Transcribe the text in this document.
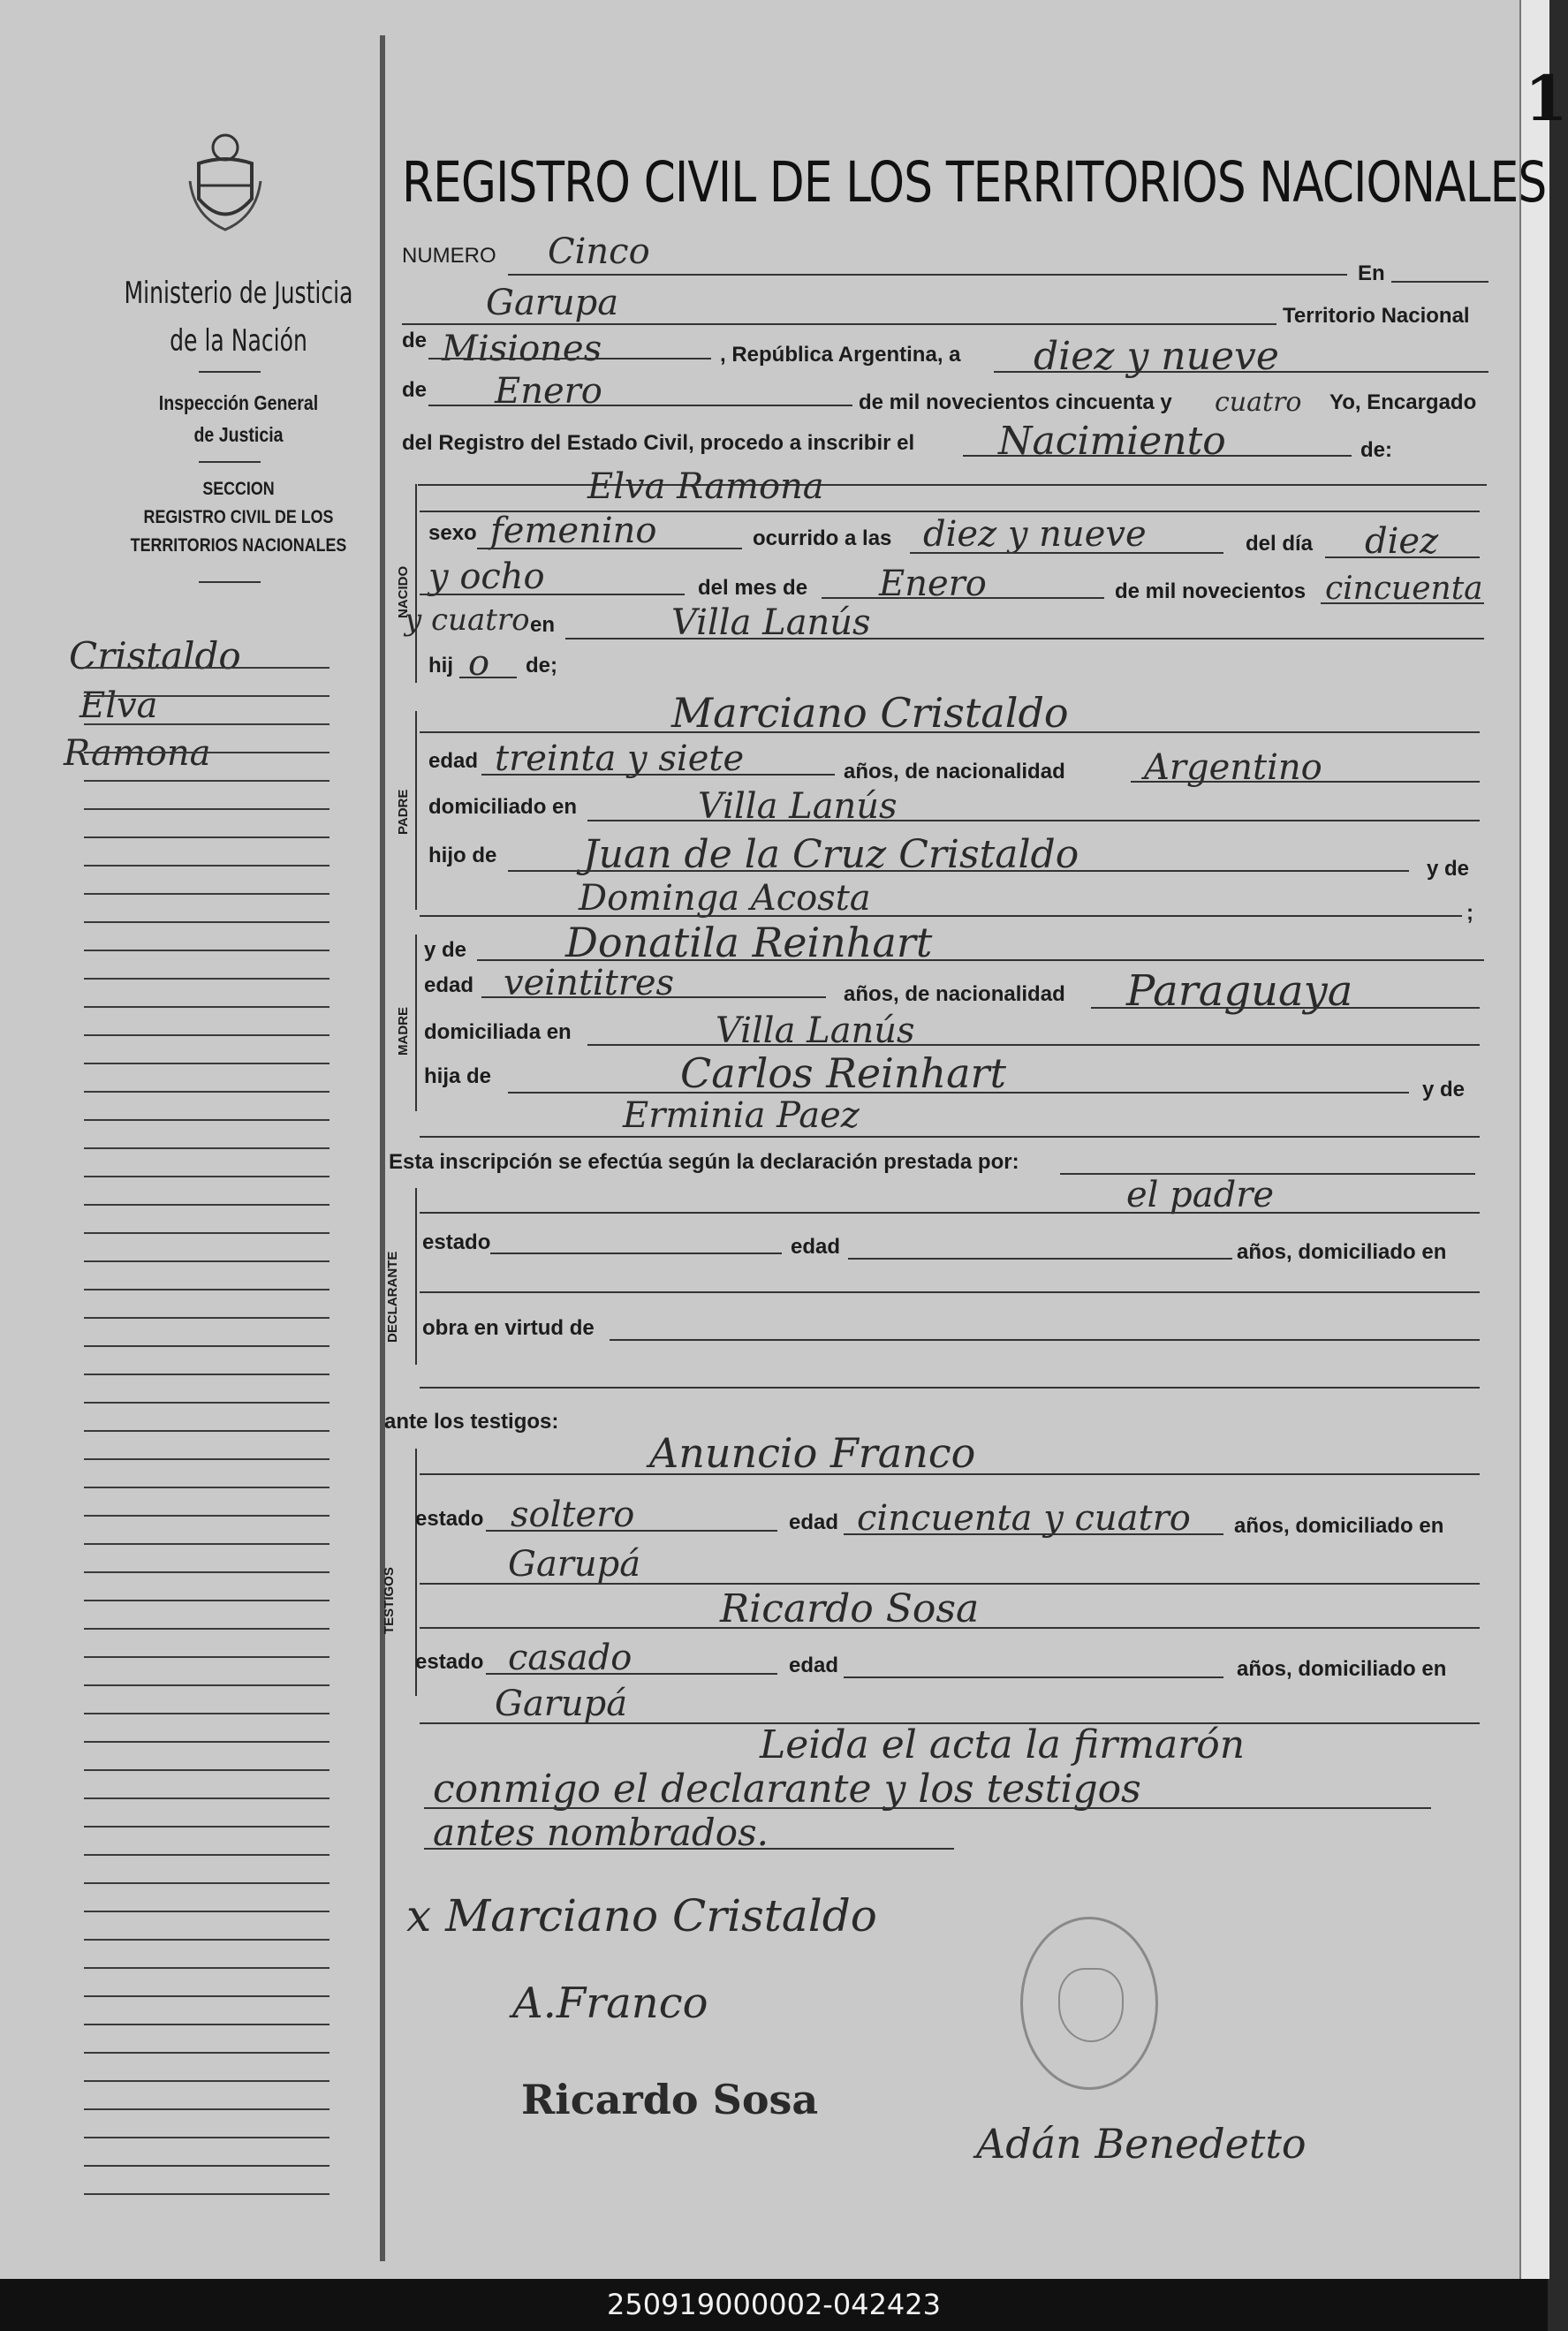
1
Ministerio de Justicia
de la Nación
Inspección General
de Justicia
SECCION
REGISTRO CIVIL DE LOS
TERRITORIOS NACIONALES
Cristaldo
Elva
Ramona
REGISTRO CIVIL DE LOS TERRITORIOS NACIONALES
NUMERO Cinco
En
Garupa	Territorio Nacional
de Misiones	, República Argentina, a diez y nueve
de Enero	de mil novecientos cincuenta y cuatro Yo, Encargado
del Registro del Estado Civil, procedo a inscribir el Nacimiento	de:
NACIDO
Elva Ramona
sexo femenino	ocurrido a las diez y nueve	del día diez
y ocho	del mes de Enero	de mil novecientos cincuenta
y cuatro en	Villa Lanús
hij o de;
PADRE
Marciano Cristaldo
edad treinta y siete	años, de nacionalidad Argentino
domiciliado en	Villa Lanús
hijo de Juan de la Cruz Cristaldo	y de
Dominga Acosta	;
MADRE
y de Donatila Reinhart
edad veintitres	años, de nacionalidad Paraguaya
domiciliada en	Villa Lanús
hija de	Carlos Reinhart	y de
Erminia Paez
Esta inscripción se efectúa según la declaración prestada por:
DECLARANTE
el padre
estado	edad	años, domiciliado en
obra en virtud de
ante los testigos:
TESTIGOS
Anuncio Franco
estado soltero	edad cincuenta y cuatro años, domiciliado en
Garupá
Ricardo Sosa
estado casado	edad	años, domiciliado en
Garupá
Leida el acta la firmarón
conmigo el declarante y los testigos
antes nombrados.
x Marciano Cristaldo
A.Franco
Ricardo Sosa
Adán Benedetto
250919000002-042423
